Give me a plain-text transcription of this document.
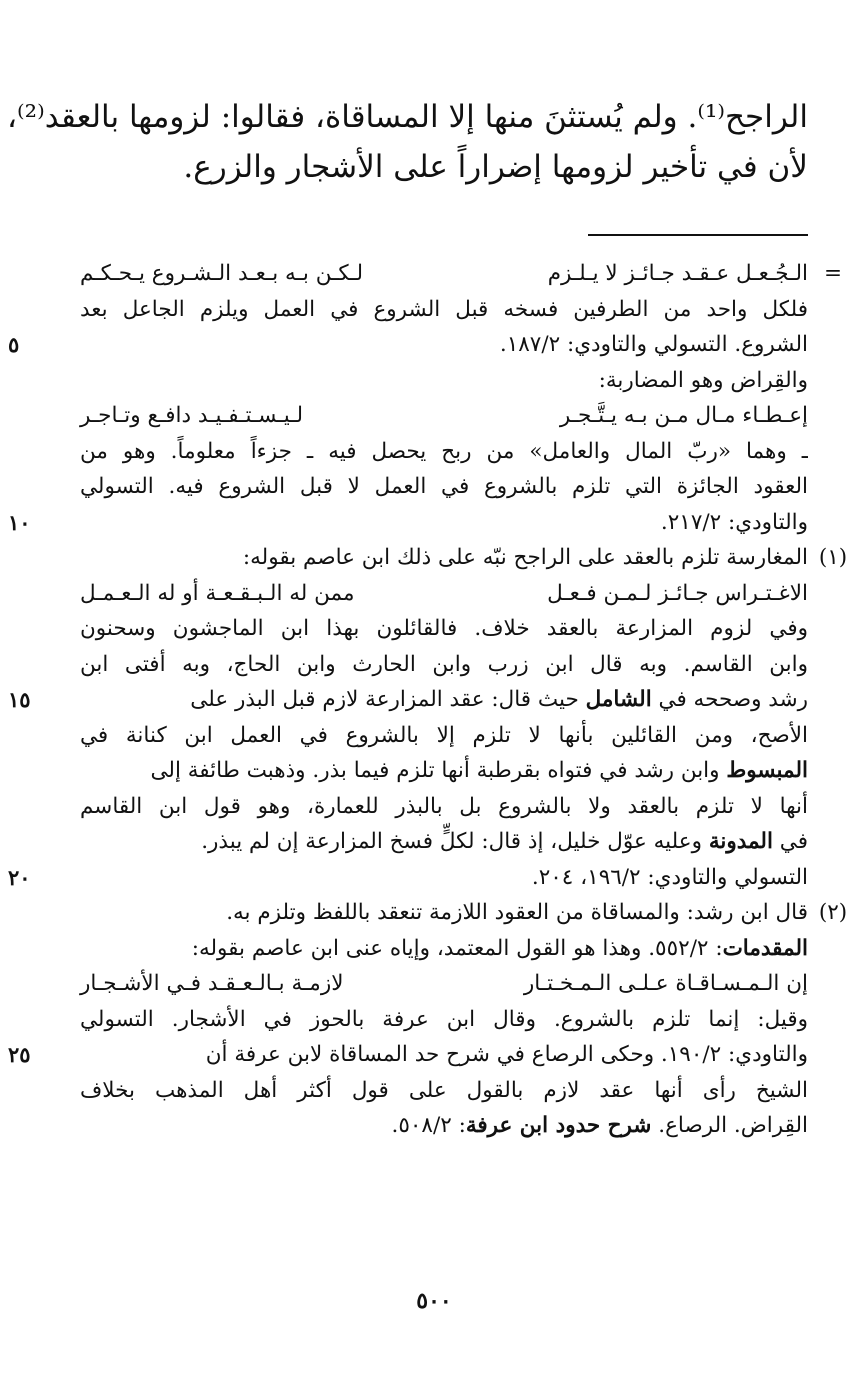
الراجح⁽¹⁾. ولم يُستثنَ منها إلا المساقاة، فقالوا: لزومها بالعقد⁽²⁾،
لأن في تأخير لزومها إضراراً على الأشجار والزرع.
=
الـجُـعـل عـقـد جـائـز لا يـلـزم
لـكـن بـه بـعـد الـشـروع يـحـكـم
فلكل واحد من الطرفين فسخه قبل الشروع في العمل ويلزم الجاعل بعد
الشروع. التسولي والتاودي: ١٨٧/٢.
٥
والقِراض وهو المضاربة:
إعـطـاء مـال مـن بـه يـتَّـجـر
لـيـسـتـفـيـد دافـع وتـاجـر
ـ وهما «ربّ المال والعامل» من ربح يحصل فيه ـ جزءاً معلوماً. وهو من
العقود الجائزة التي تلزم بالشروع في العمل لا قبل الشروع فيه. التسولي
والتاودي: ٢١٧/٢.
١٠
(١)
المغارسة تلزم بالعقد على الراجح نبّه على ذلك ابن عاصم بقوله:
الاغـتـراس جـائـز لـمـن فـعـل
ممن له الـبـقـعـة أو له الـعـمـل
وفي لزوم المزارعة بالعقد خلاف. فالقائلون بهذا ابن الماجشون وسحنون
وابن القاسم. وبه قال ابن زرب وابن الحارث وابن الحاج، وبه أفتى ابن
رشد وصححه في الشامل حيث قال: عقد المزارعة لازم قبل البذر على
١٥
الأصح، ومن القائلين بأنها لا تلزم إلا بالشروع في العمل ابن كنانة في
المبسوط وابن رشد في فتواه بقرطبة أنها تلزم فيما بذر. وذهبت طائفة إلى
أنها لا تلزم بالعقد ولا بالشروع بل بالبذر للعمارة، وهو قول ابن القاسم
في المدونة وعليه عوّل خليل، إذ قال: لكلٍّ فسخ المزارعة إن لم يبذر.
التسولي والتاودي: ١٩٦/٢، ٢٠٤.
٢٠
(٢)
قال ابن رشد: والمساقاة من العقود اللازمة تنعقد باللفظ وتلزم به.
المقدمات: ٥٥٢/٢. وهذا هو القول المعتمد، وإياه عنى ابن عاصم بقوله:
إن الـمـسـاقـاة عـلـى الـمـخـتـار
لازمـة بـالـعـقـد فـي الأشـجـار
وقيل: إنما تلزم بالشروع. وقال ابن عرفة بالحوز في الأشجار. التسولي
والتاودي: ١٩٠/٢. وحكى الرصاع في شرح حد المساقاة لابن عرفة أن
٢٥
الشيخ رأى أنها عقد لازم بالقول على قول أكثر أهل المذهب بخلاف
القِراض. الرصاع. شرح حدود ابن عرفة: ٥٠٨/٢.
٥٠٠
